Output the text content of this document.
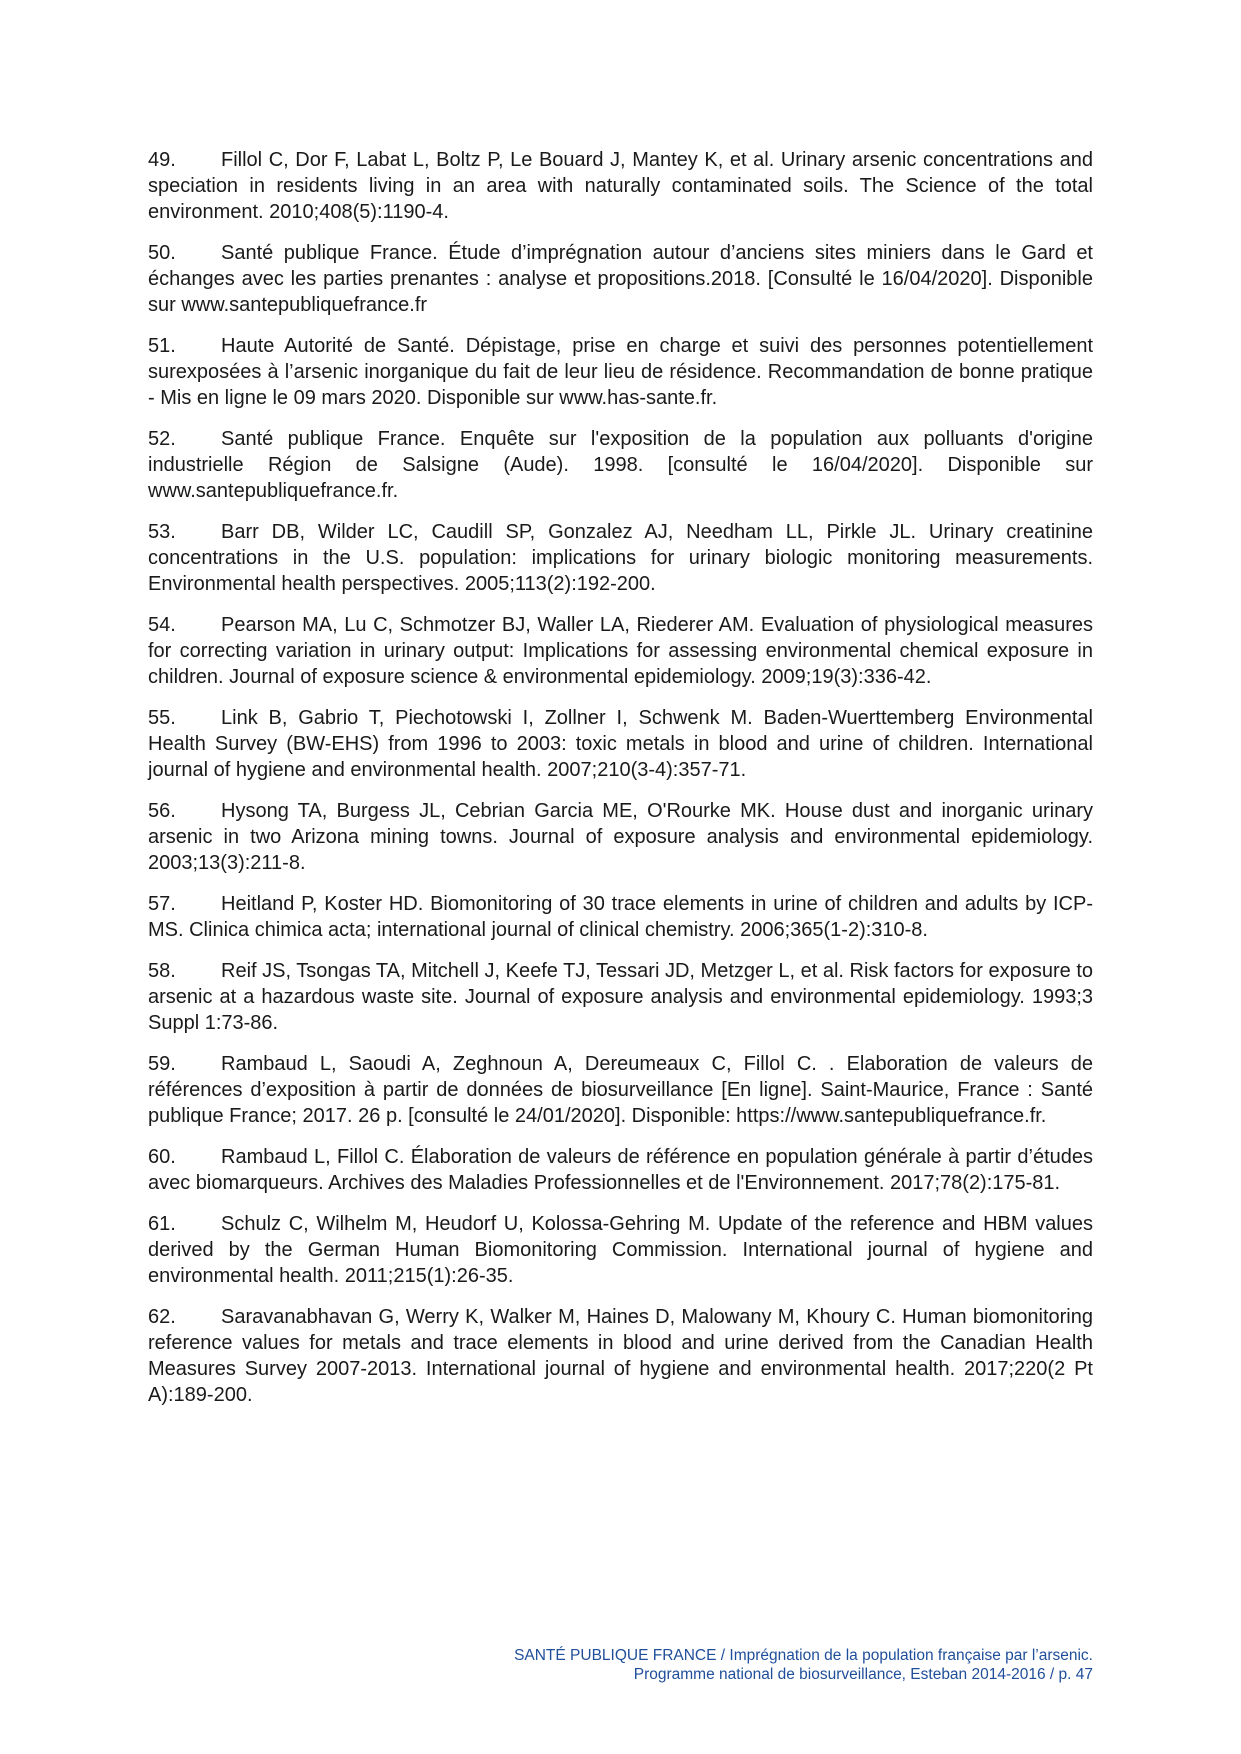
49. Fillol C, Dor F, Labat L, Boltz P, Le Bouard J, Mantey K, et al. Urinary arsenic concentrations and speciation in residents living in an area with naturally contaminated soils. The Science of the total environment. 2010;408(5):1190-4.

50. Santé publique France. Étude d’imprégnation autour d’anciens sites miniers dans le Gard et échanges avec les parties prenantes : analyse et propositions.2018. [Consulté le 16/04/2020]. Disponible sur www.santepubliquefrance.fr

51. Haute Autorité de Santé. Dépistage, prise en charge et suivi des personnes potentiellement surexposées à l’arsenic inorganique du fait de leur lieu de résidence. Recommandation de bonne pratique - Mis en ligne le 09 mars 2020. Disponible sur www.has-sante.fr.

52. Santé publique France. Enquête sur l'exposition de la population aux polluants d'origine industrielle Région de Salsigne (Aude). 1998. [consulté le 16/04/2020]. Disponible sur www.santepubliquefrance.fr.

53. Barr DB, Wilder LC, Caudill SP, Gonzalez AJ, Needham LL, Pirkle JL. Urinary creatinine concentrations in the U.S. population: implications for urinary biologic monitoring measurements. Environmental health perspectives. 2005;113(2):192-200.

54. Pearson MA, Lu C, Schmotzer BJ, Waller LA, Riederer AM. Evaluation of physiological measures for correcting variation in urinary output: Implications for assessing environmental chemical exposure in children. Journal of exposure science & environmental epidemiology. 2009;19(3):336-42.

55. Link B, Gabrio T, Piechotowski I, Zollner I, Schwenk M. Baden-Wuerttemberg Environmental Health Survey (BW-EHS) from 1996 to 2003: toxic metals in blood and urine of children. International journal of hygiene and environmental health. 2007;210(3-4):357-71.

56. Hysong TA, Burgess JL, Cebrian Garcia ME, O'Rourke MK. House dust and inorganic urinary arsenic in two Arizona mining towns. Journal of exposure analysis and environmental epidemiology. 2003;13(3):211-8.

57. Heitland P, Koster HD. Biomonitoring of 30 trace elements in urine of children and adults by ICP-MS. Clinica chimica acta; international journal of clinical chemistry. 2006;365(1-2):310-8.

58. Reif JS, Tsongas TA, Mitchell J, Keefe TJ, Tessari JD, Metzger L, et al. Risk factors for exposure to arsenic at a hazardous waste site. Journal of exposure analysis and environmental epidemiology. 1993;3 Suppl 1:73-86.

59. Rambaud L, Saoudi A, Zeghnoun A, Dereumeaux C, Fillol C. . Elaboration de valeurs de références d’exposition à partir de données de biosurveillance [En ligne]. Saint-Maurice, France : Santé publique France; 2017. 26 p. [consulté le 24/01/2020]. Disponible: https://www.santepubliquefrance.fr.

60. Rambaud L, Fillol C. Élaboration de valeurs de référence en population générale à partir d’études avec biomarqueurs. Archives des Maladies Professionnelles et de l'Environnement. 2017;78(2):175-81.

61. Schulz C, Wilhelm M, Heudorf U, Kolossa-Gehring M. Update of the reference and HBM values derived by the German Human Biomonitoring Commission. International journal of hygiene and environmental health. 2011;215(1):26-35.

62. Saravanabhavan G, Werry K, Walker M, Haines D, Malowany M, Khoury C. Human biomonitoring reference values for metals and trace elements in blood and urine derived from the Canadian Health Measures Survey 2007-2013. International journal of hygiene and environmental health. 2017;220(2 Pt A):189-200.

SANTÉ PUBLIQUE FRANCE / Imprégnation de la population française par l’arsenic.
Programme national de biosurveillance, Esteban 2014-2016 / p. 47
